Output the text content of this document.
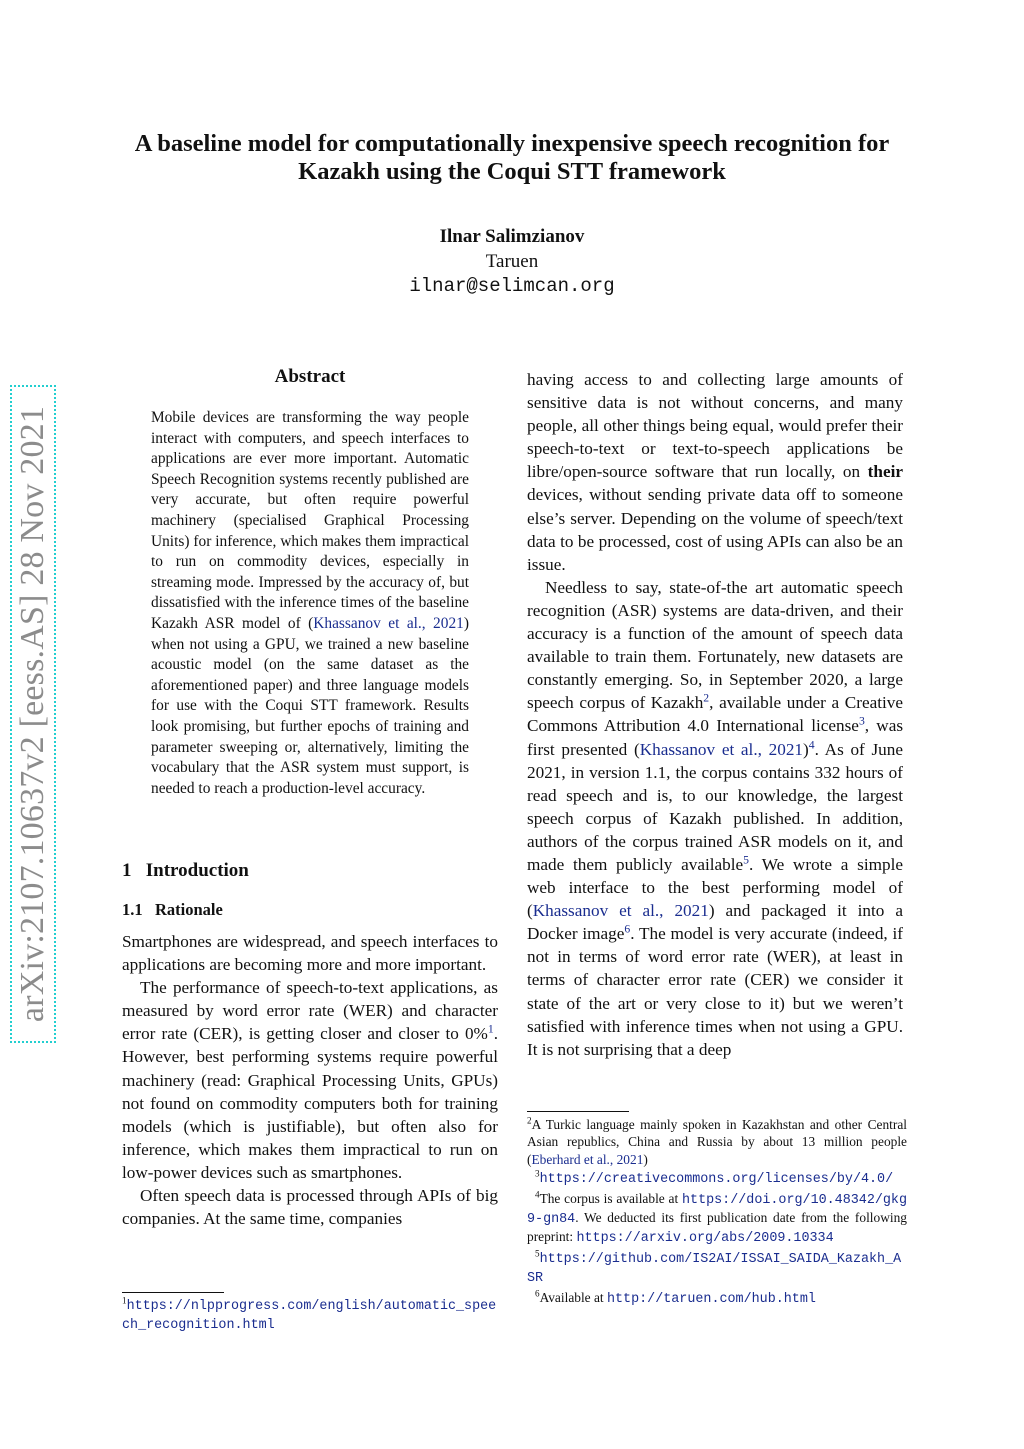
arXiv:2107.10637v2 [eess.AS] 28 Nov 2021
A baseline model for computationally inexpensive speech recognition for Kazakh using the Coqui STT framework
Ilnar Salimzianov
Taruen
ilnar@selimcan.org
Abstract

Mobile devices are transforming the way people interact with computers, and speech interfaces to applications are ever more important. Automatic Speech Recognition systems recently published are very accurate, but often require powerful machinery (specialised Graphical Processing Units) for inference, which makes them impractical to run on commodity devices, especially in streaming mode. Impressed by the accuracy of, but dissatisfied with the inference times of the baseline Kazakh ASR model of (Khassanov et al., 2021) when not using a GPU, we trained a new baseline acoustic model (on the same dataset as the aforementioned paper) and three language models for use with the Coqui STT framework. Results look promising, but further epochs of training and parameter sweeping or, alternatively, limiting the vocabulary that the ASR system must support, is needed to reach a production-level accuracy.

1 Introduction
1.1 Rationale

Smartphones are widespread, and speech interfaces to applications are becoming more and more important.

The performance of speech-to-text applications, as measured by word error rate (WER) and character error rate (CER), is getting closer and closer to 0%$^1$. However, best performing systems require powerful machinery (read: Graphical Processing Units, GPUs) not found on commodity computers both for training models (which is justifiable), but often also for inference, which makes them impractical to run on low-power devices such as smartphones.

Often speech data is processed through APIs of big companies. At the same time, companies

$^1$https://nlpprogress.com/english/automatic_speech_recognition.html

having access to and collecting large amounts of sensitive data is not without concerns, and many people, all other things being equal, would prefer their speech-to-text or text-to-speech applications be libre/open-source software that run locally, on their devices, without sending private data off to someone else’s server. Depending on the volume of speech/text data to be processed, cost of using APIs can also be an issue.

Needless to say, state-of-the art automatic speech recognition (ASR) systems are data-driven, and their accuracy is a function of the amount of speech data available to train them. Fortunately, new datasets are constantly emerging. So, in September 2020, a large speech corpus of Kazakh$^2$, available under a Creative Commons Attribution 4.0 International license$^3$, was first presented (Khassanov et al., 2021)$^4$. As of June 2021, in version 1.1, the corpus contains 332 hours of read speech and is, to our knowledge, the largest speech corpus of Kazakh published. In addition, authors of the corpus trained ASR models on it, and made them publicly available$^5$. We wrote a simple web interface to the best performing model of (Khassanov et al., 2021) and packaged it into a Docker image$^6$. The model is very accurate (indeed, if not in terms of word error rate (WER), at least in terms of character error rate (CER) we consider it state of the art or very close to it) but we weren’t satisfied with inference times when not using a GPU. It is not surprising that a deep

$^2$A Turkic language mainly spoken in Kazakhstan and other Central Asian republics, China and Russia by about 13 million people (Eberhard et al., 2021)

$^3$https://creativecommons.org/licenses/by/4.0/

$^4$The corpus is available at https://doi.org/10.48342/gkg9-gn84. We deducted its first publication date from the following preprint: https://arxiv.org/abs/2009.10334

$^5$https://github.com/IS2AI/ISSAI_SAIDA_Kazakh_ASR

$^6$Available at http://taruen.com/hub.html
